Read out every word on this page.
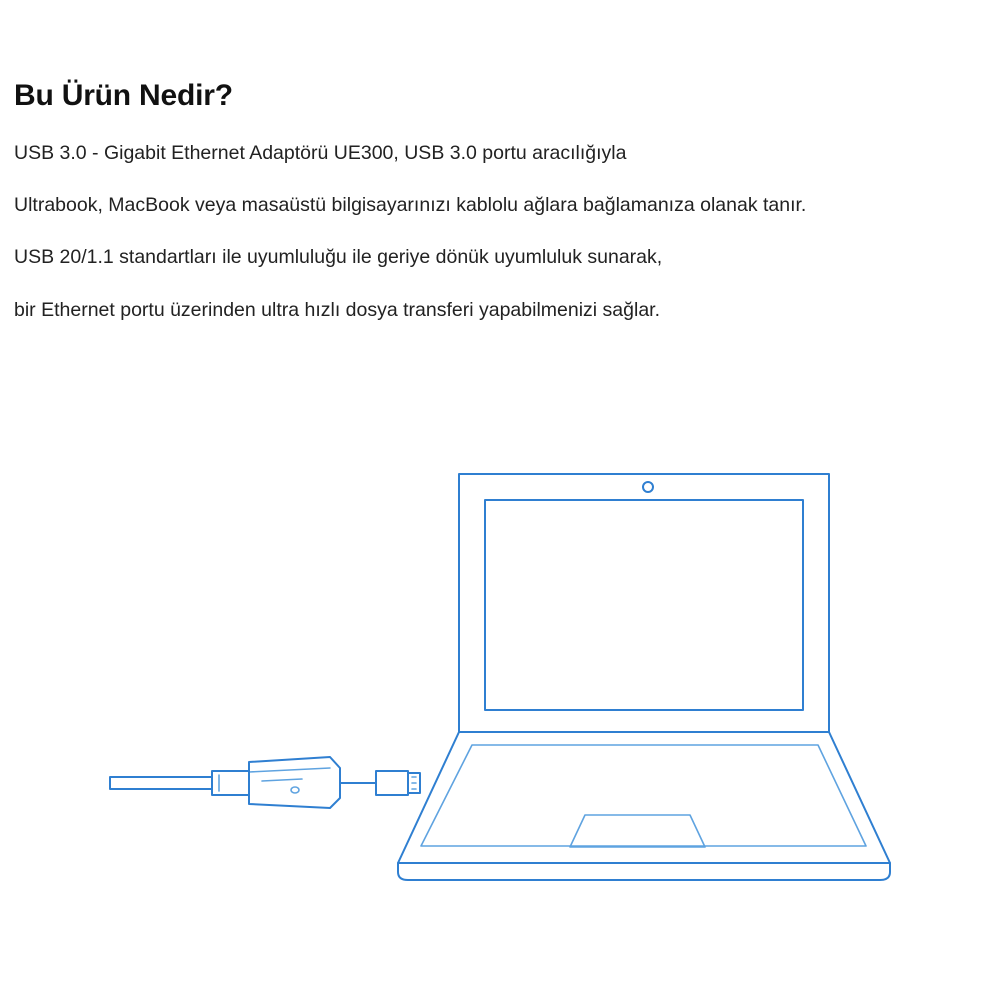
Bu Ürün Nedir?

USB 3.0 - Gigabit Ethernet Adaptörü UE300, USB 3.0 portu aracılığıyla

Ultrabook, MacBook veya masaüstü bilgisayarınızı kablolu ağlara bağlamanıza olanak tanır.

USB 20/1.1 standartları ile uyumluluğu ile geriye dönük uyumluluk sunarak,

bir Ethernet portu üzerinden ultra hızlı dosya transferi yapabilmenizi sağlar.
